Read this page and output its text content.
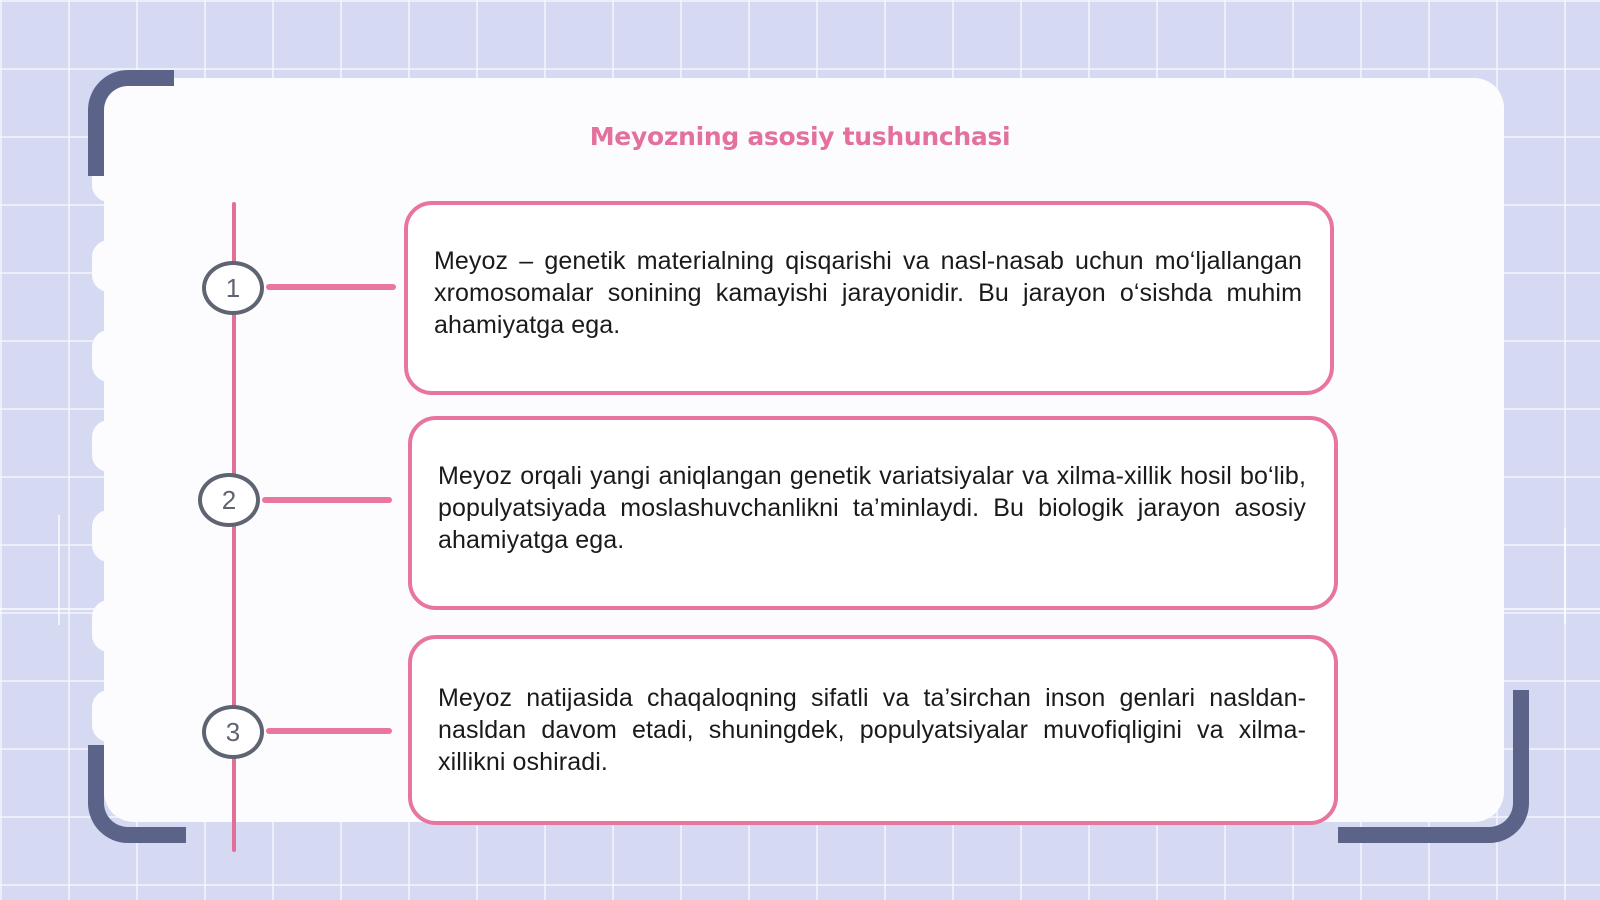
Meyozning asosiy tushunchasi
1

Meyoz – genetik materialning qisqarishi va nasl-nasab uchun mo‘ljallangan xromosomalar sonining kamayishi jarayonidir. Bu jarayon o‘sishda muhim ahamiyatga ega.

2

Meyoz orqali yangi aniqlangan genetik variatsiyalar va xilma-xillik hosil bo‘lib, populyatsiyada moslashuvchanlikni ta’minlaydi. Bu biologik jarayon asosiy ahamiyatga ega.

3

Meyoz natijasida chaqaloqning sifatli va ta’sirchan inson genlari nasldan-nasldan davom etadi, shuningdek, populyatsiyalar muvofiqligini va xilma-xillikni oshiradi.
